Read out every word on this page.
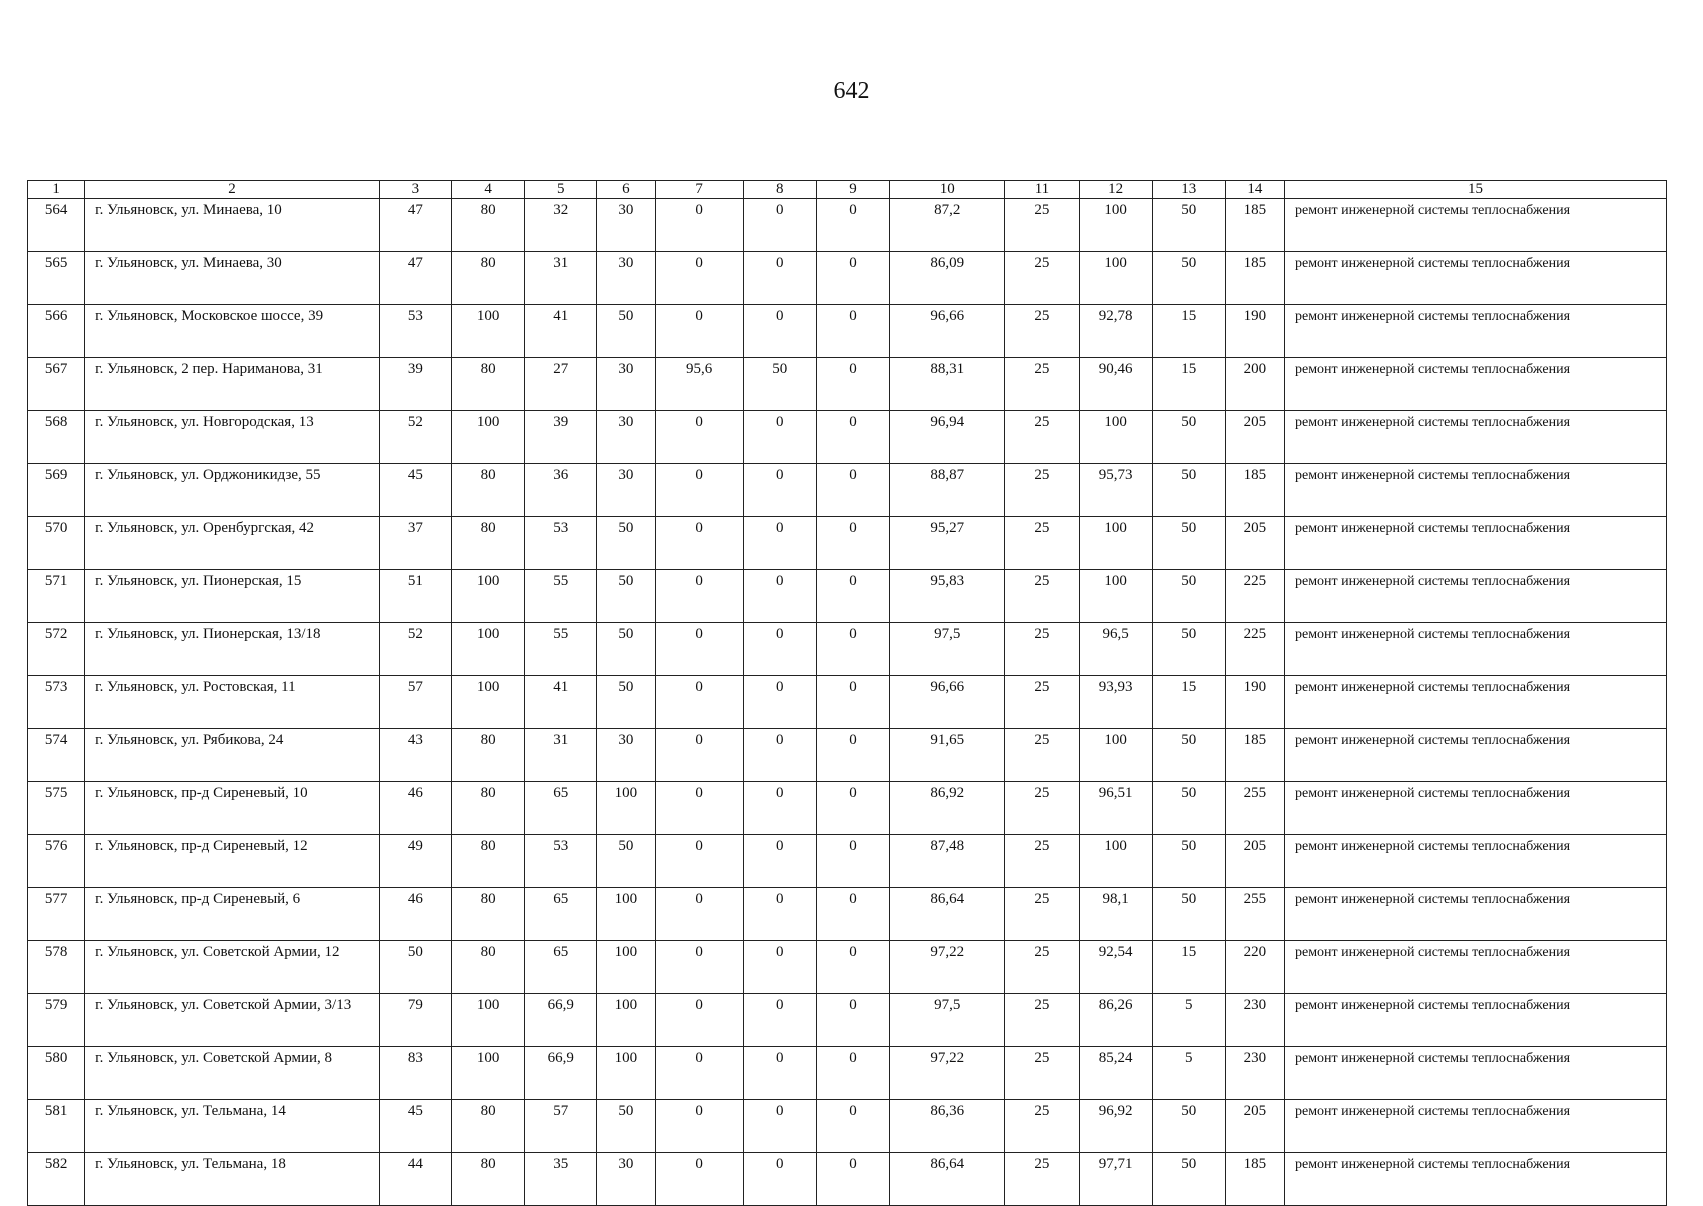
642
1	2	3	4	5	6	7	8	9	10	11	12	13	14	15
564	г. Ульяновск, ул. Минаева, 10	47	80	32	30	0	0	0	87,2	25	100	50	185	ремонт инженерной системы теплоснабжения
565	г. Ульяновск, ул. Минаева, 30	47	80	31	30	0	0	0	86,09	25	100	50	185	ремонт инженерной системы теплоснабжения
566	г. Ульяновск, Московское шоссе, 39	53	100	41	50	0	0	0	96,66	25	92,78	15	190	ремонт инженерной системы теплоснабжения
567	г. Ульяновск, 2 пер. Нариманова, 31	39	80	27	30	95,6	50	0	88,31	25	90,46	15	200	ремонт инженерной системы теплоснабжения
568	г. Ульяновск, ул. Новгородская, 13	52	100	39	30	0	0	0	96,94	25	100	50	205	ремонт инженерной системы теплоснабжения
569	г. Ульяновск, ул. Орджоникидзе, 55	45	80	36	30	0	0	0	88,87	25	95,73	50	185	ремонт инженерной системы теплоснабжения
570	г. Ульяновск, ул. Оренбургская, 42	37	80	53	50	0	0	0	95,27	25	100	50	205	ремонт инженерной системы теплоснабжения
571	г. Ульяновск, ул. Пионерская, 15	51	100	55	50	0	0	0	95,83	25	100	50	225	ремонт инженерной системы теплоснабжения
572	г. Ульяновск, ул. Пионерская, 13/18	52	100	55	50	0	0	0	97,5	25	96,5	50	225	ремонт инженерной системы теплоснабжения
573	г. Ульяновск, ул. Ростовская, 11	57	100	41	50	0	0	0	96,66	25	93,93	15	190	ремонт инженерной системы теплоснабжения
574	г. Ульяновск, ул. Рябикова, 24	43	80	31	30	0	0	0	91,65	25	100	50	185	ремонт инженерной системы теплоснабжения
575	г. Ульяновск, пр-д Сиреневый, 10	46	80	65	100	0	0	0	86,92	25	96,51	50	255	ремонт инженерной системы теплоснабжения
576	г. Ульяновск, пр-д Сиреневый, 12	49	80	53	50	0	0	0	87,48	25	100	50	205	ремонт инженерной системы теплоснабжения
577	г. Ульяновск, пр-д Сиреневый, 6	46	80	65	100	0	0	0	86,64	25	98,1	50	255	ремонт инженерной системы теплоснабжения
578	г. Ульяновск, ул. Советской Армии, 12	50	80	65	100	0	0	0	97,22	25	92,54	15	220	ремонт инженерной системы теплоснабжения
579	г. Ульяновск, ул. Советской Армии, 3/13	79	100	66,9	100	0	0	0	97,5	25	86,26	5	230	ремонт инженерной системы теплоснабжения
580	г. Ульяновск, ул. Советской Армии, 8	83	100	66,9	100	0	0	0	97,22	25	85,24	5	230	ремонт инженерной системы теплоснабжения
581	г. Ульяновск, ул. Тельмана, 14	45	80	57	50	0	0	0	86,36	25	96,92	50	205	ремонт инженерной системы теплоснабжения
582	г. Ульяновск, ул. Тельмана, 18	44	80	35	30	0	0	0	86,64	25	97,71	50	185	ремонт инженерной системы теплоснабжения
